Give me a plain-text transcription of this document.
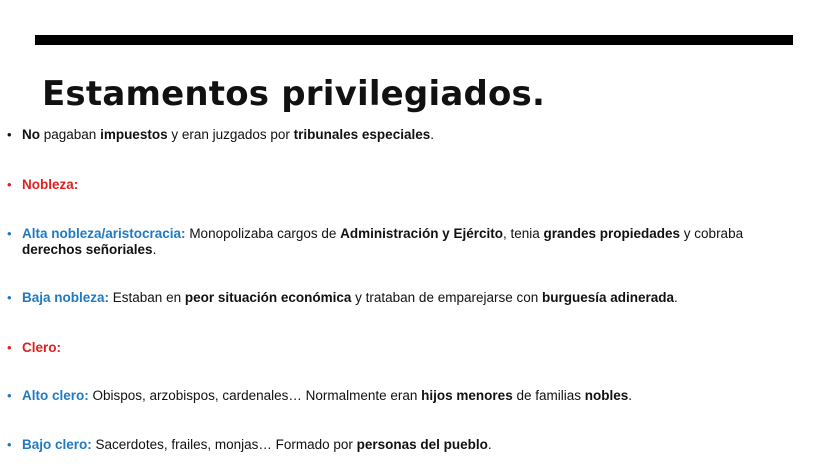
Estamentos privilegiados.
• No pagaban impuestos y eran juzgados por tribunales especiales.
• Nobleza:
• Alta nobleza/aristocracia: Monopolizaba cargos de Administración y Ejército, tenia grandes propiedades y cobraba derechos señoriales.
• Baja nobleza: Estaban en peor situación económica y trataban de emparejarse con burguesía adinerada.
• Clero:
• Alto clero: Obispos, arzobispos, cardenales… Normalmente eran hijos menores de familias nobles.
• Bajo clero: Sacerdotes, frailes, monjas… Formado por personas del pueblo.
